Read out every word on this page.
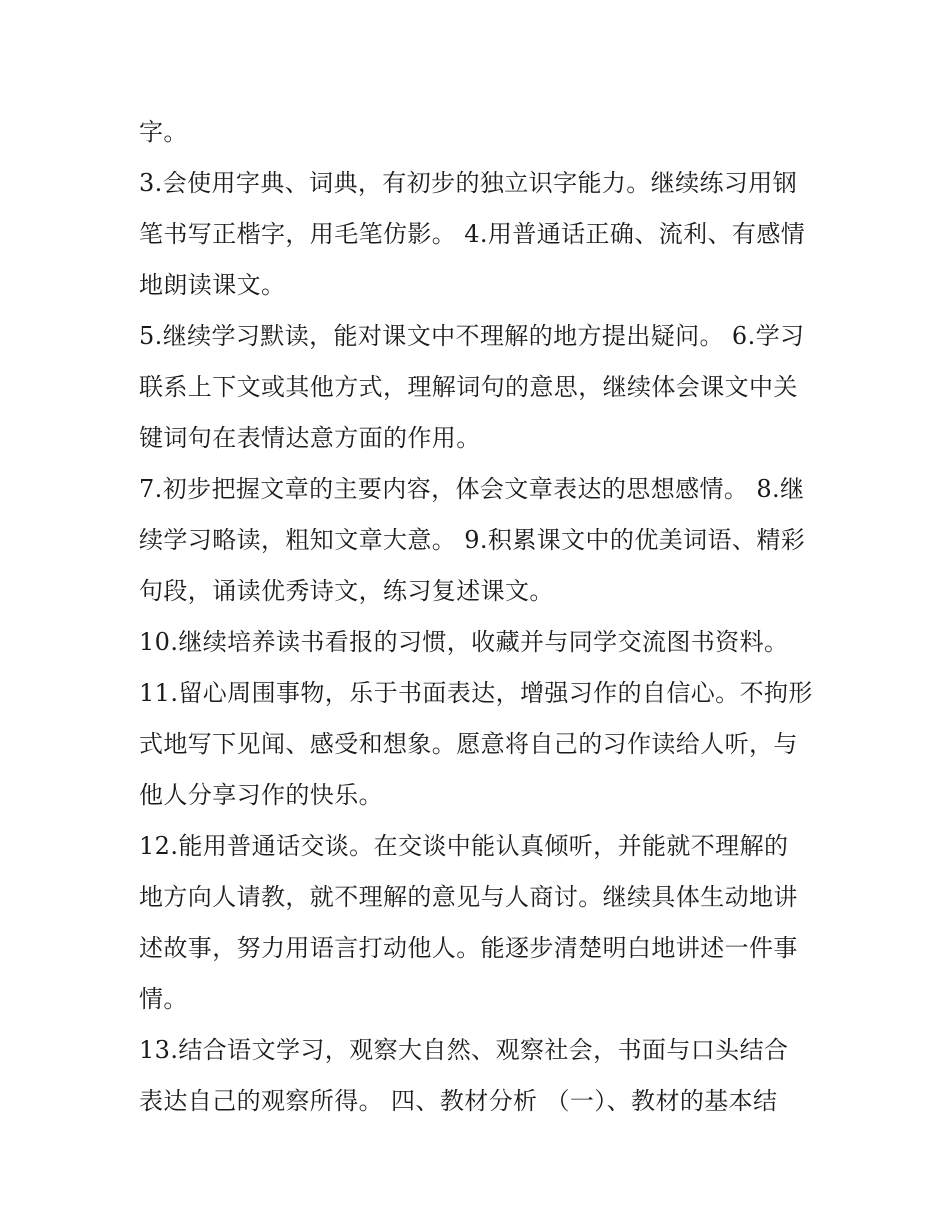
字。
3.会使用字典、词典，有初步的独立识字能力。继续练习用钢
笔书写正楷字，用毛笔仿影。 4.用普通话正确、流利、有感情
地朗读课文。
5.继续学习默读，能对课文中不理解的地方提出疑问。 6.学习
联系上下文或其他方式，理解词句的意思，继续体会课文中关
键词句在表情达意方面的作用。
7.初步把握文章的主要内容，体会文章表达的思想感情。 8.继
续学习略读，粗知文章大意。 9.积累课文中的优美词语、精彩
句段，诵读优秀诗文，练习复述课文。
10.继续培养读书看报的习惯，收藏并与同学交流图书资料。
11.留心周围事物，乐于书面表达，增强习作的自信心。不拘形
式地写下见闻、感受和想象。愿意将自己的习作读给人听，与
他人分享习作的快乐。
12.能用普通话交谈。在交谈中能认真倾听，并能就不理解的
地方向人请教，就不理解的意见与人商讨。继续具体生动地讲
述故事，努力用语言打动他人。能逐步清楚明白地讲述一件事
情。
13.结合语文学习，观察大自然、观察社会，书面与口头结合
表达自己的观察所得。 四、教材分析 （一）、教材的基本结
